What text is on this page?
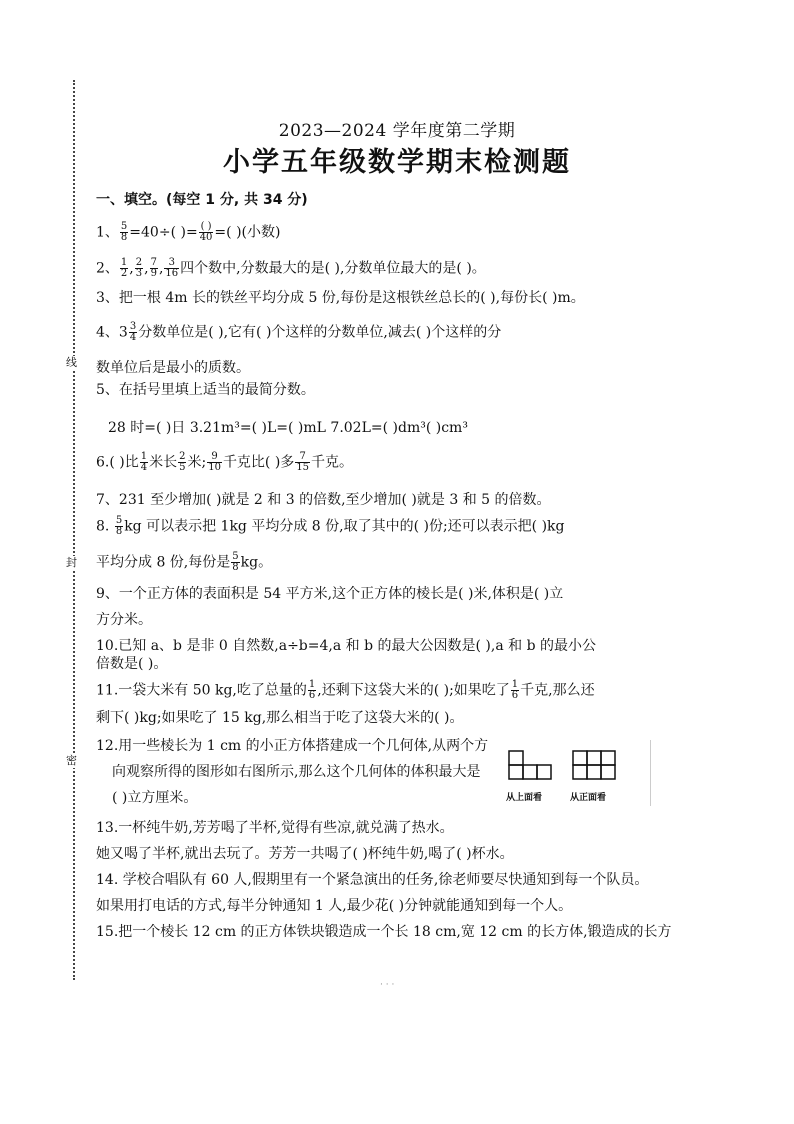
线
封
密
2023—2024 学年度第二学期
小学五年级数学期末检测题
一、填空。(每空 1 分, 共 34 分)
1、 $\frac{5}{8} =40\div$( )= ( )
40 =( )(小数)
2、 $\frac{1}{2}$ , $\frac{2}{3}$ , $\frac{7}{9}$ , $\frac{3}{16}$ 四个数中,分数最大的是( ),分数单位最大的是( )。
3、把一根 4m 长的铁丝平均分成 5 份,每份是这根铁丝总长的( ),每份长( )m。
4、$3 \frac{3}{4}$ 分数单位是( ),它有( )个这样的分数单位,减去( )个这样的分
数单位后是最小的质数。
5、在括号里填上适当的最简分数。
28 时=( )日 3.21m³=( )L=( )mL 7.02L=( )dm³( )cm³
6.( )比 $\frac{1}{4}$ 米长 $\frac{2}{5}$ 米; $\frac{9}{10}$ 千克比( )多 $\frac{7}{15}$ 千克。
7、231 至少增加( )就是 2 和 3 的倍数,至少增加( )就是 3 和 5 的倍数。
8. $\frac{5}{8}$ kg 可以表示把 1kg 平均分成 8 份,取了其中的( )份;还可以表示把( )kg
平均分成 8 份,每份是 $\frac{5}{8}$ kg。
9、一个正方体的表面积是 54 平方米,这个正方体的棱长是( )米,体积是( )立
方分米。
10.已知 a、b 是非 0 自然数,a÷b=4,a 和 b 的最大公因数是( ),a 和 b 的最小公
倍数是( )。
11.一袋大米有 50 kg,吃了总量的 $\frac{1}{6}$ ,还剩下这袋大米的( );如果吃了 $\frac{1}{6}$ 千克,那么还
剩下( )kg;如果吃了 15 kg,那么相当于吃了这袋大米的( )。
12.用一些棱长为 1 cm 的小正方体搭建成一个几何体,从两个方
向观察所得的图形如右图所示,那么这个几何体的体积最大是
( )立方厘米。	从上面看	从正面看
13.一杯纯牛奶,芳芳喝了半杯,觉得有些凉,就兑满了热水。
她又喝了半杯,就出去玩了。芳芳一共喝了( )杯纯牛奶,喝了( )杯水。
14. 学校合唱队有 60 人,假期里有一个紧急演出的任务,徐老师要尽快通知到每一个队员。
如果用打电话的方式,每半分钟通知 1 人,最少花( )分钟就能通知到每一个人。
15.把一个棱长 12 cm 的正方体铁块锻造成一个长 18 cm,宽 12 cm 的长方体,锻造成的长方
· · ·
